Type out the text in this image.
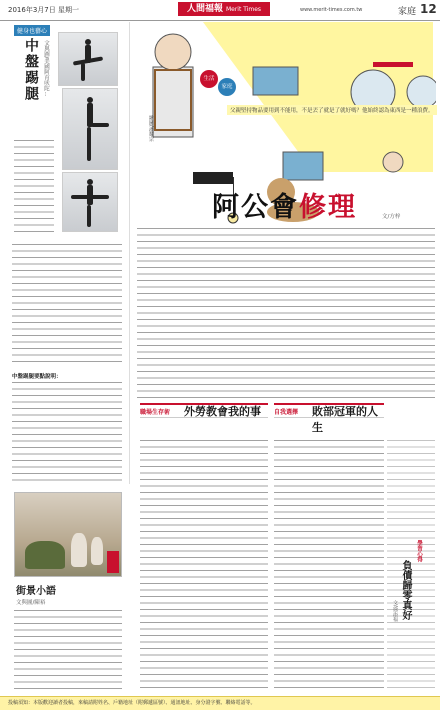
2016年3月7日 星期一	人間福報 Merit Times	www.merit-times.com.tw	家庭 12
健身也藝心
中盤踢腿 文與圖/美國阿育吠陀...
中盤踢腿要點說明：
街景小語
文與圖/陳裕
生活
家庭
父親堅持物品要用到不能用，不是丟了就是了就好嗎？他始終認為東西是一種浪費。
繪圖/潘耀宗
阿公會修理	文/方梓
職場生存術 外勞教會我的事 自我選擇 敗部冠軍的人生
學習心得
負債歸零真好
文/徐添福
投稿須知：本版歡迎讀者投稿，來稿請附姓名、戶籍地址（附郵遞區號）、通訊地址、身分證字號、聯絡電話等。
